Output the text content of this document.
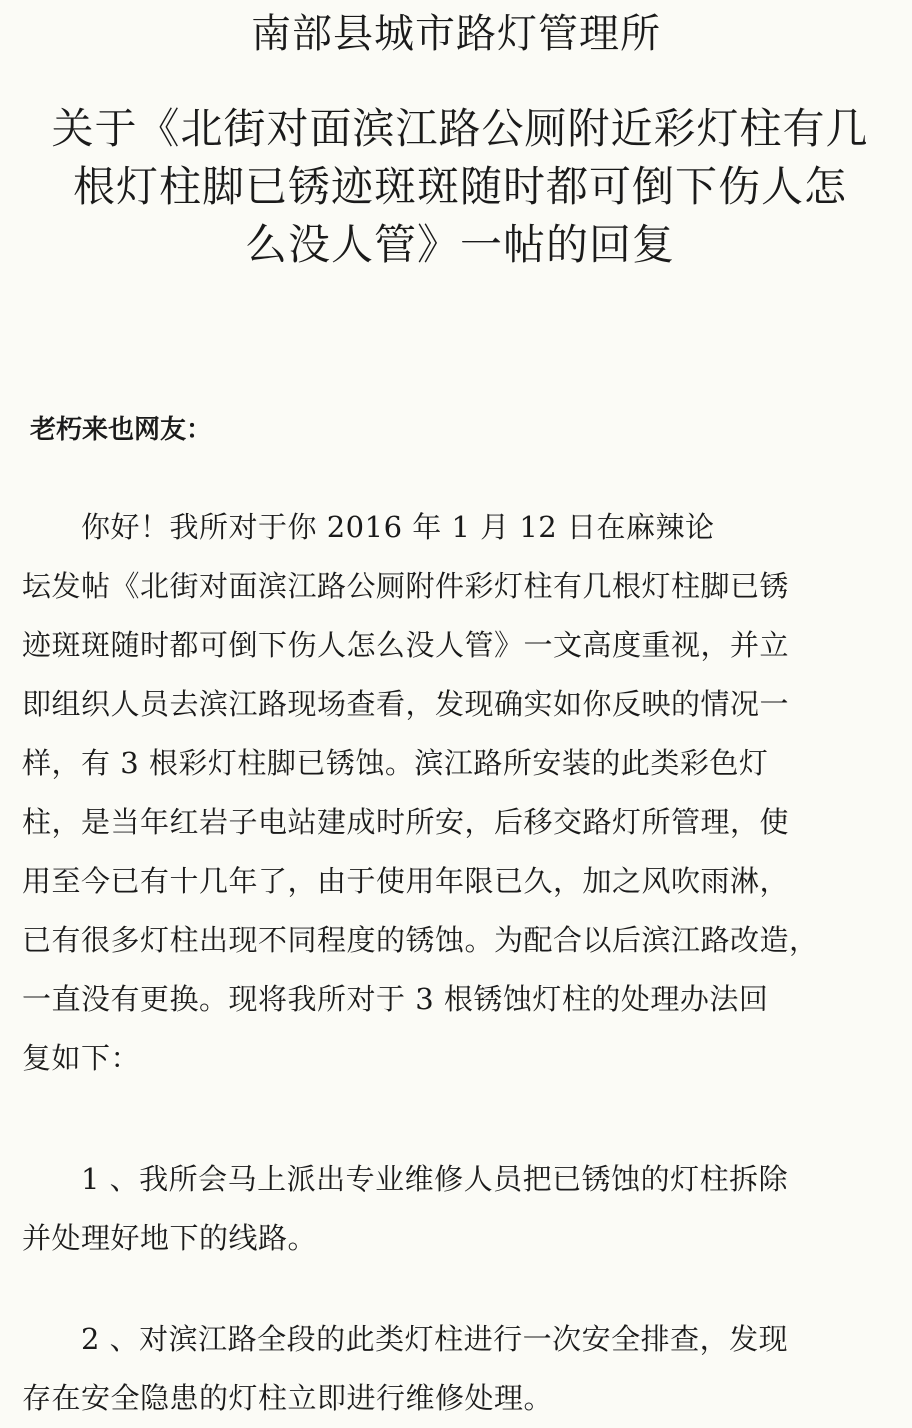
南部县城市路灯管理所
关于《北街对面滨江路公厕附近彩灯柱有几
根灯柱脚已锈迹斑斑随时都可倒下伤人怎
么没人管》一帖的回复
老朽来也网友：
　　你好！我所对于你 2016 年 1 月 12 日在麻辣论
坛发帖《北街对面滨江路公厕附件彩灯柱有几根灯柱脚已锈
迹斑斑随时都可倒下伤人怎么没人管》一文高度重视，并立
即组织人员去滨江路现场查看，发现确实如你反映的情况一
样，有 3 根彩灯柱脚已锈蚀。滨江路所安装的此类彩色灯
柱，是当年红岩子电站建成时所安，后移交路灯所管理，使
用至今已有十几年了，由于使用年限已久，加之风吹雨淋，
已有很多灯柱出现不同程度的锈蚀。为配合以后滨江路改造，
一直没有更换。现将我所对于 3 根锈蚀灯柱的处理办法回
复如下：
　　1 、我所会马上派出专业维修人员把已锈蚀的灯柱拆除
并处理好地下的线路。
　　2 、对滨江路全段的此类灯柱进行一次安全排查，发现
存在安全隐患的灯柱立即进行维修处理。
